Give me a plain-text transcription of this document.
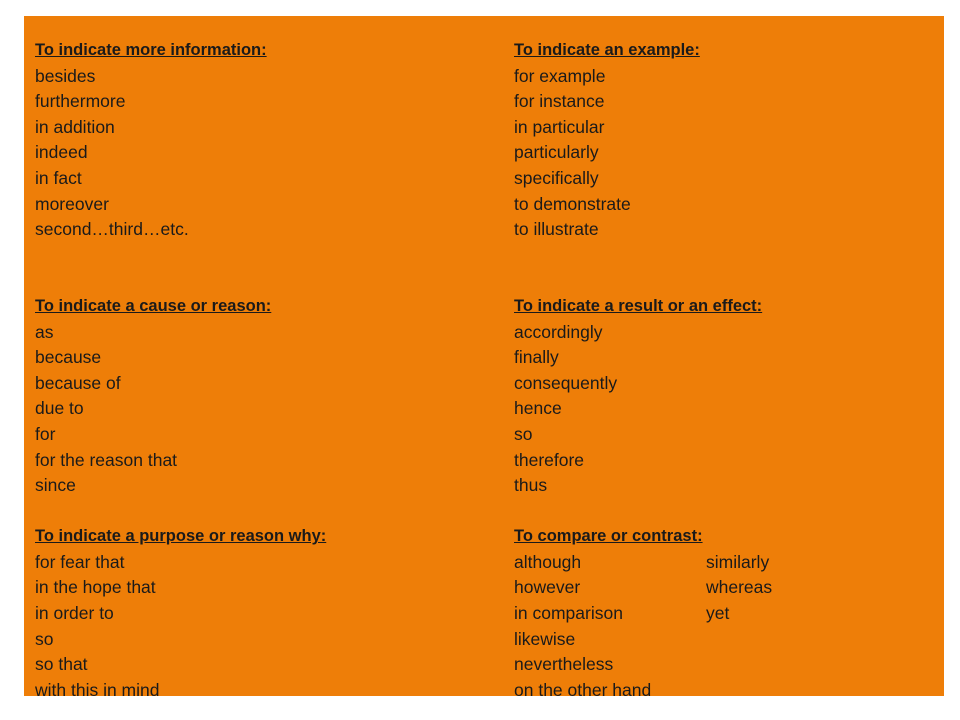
To indicate more information:
besides
furthermore
in addition
indeed
in fact
moreover
second…third…etc.
To indicate a cause or reason:
as
because
because of
due to
for
for the reason that
since
To indicate a purpose or reason why:
for fear that
in the hope that
in order to
so
so that
with this in mind
To indicate an example:
for example
for instance
in particular
particularly
specifically
to demonstrate
to illustrate
To indicate a result or an effect:
accordingly
finally
consequently
hence
so
therefore
thus
To compare or contrast:
although	similarly
however	whereas
in comparison	yet
likewise
nevertheless
on the other hand
